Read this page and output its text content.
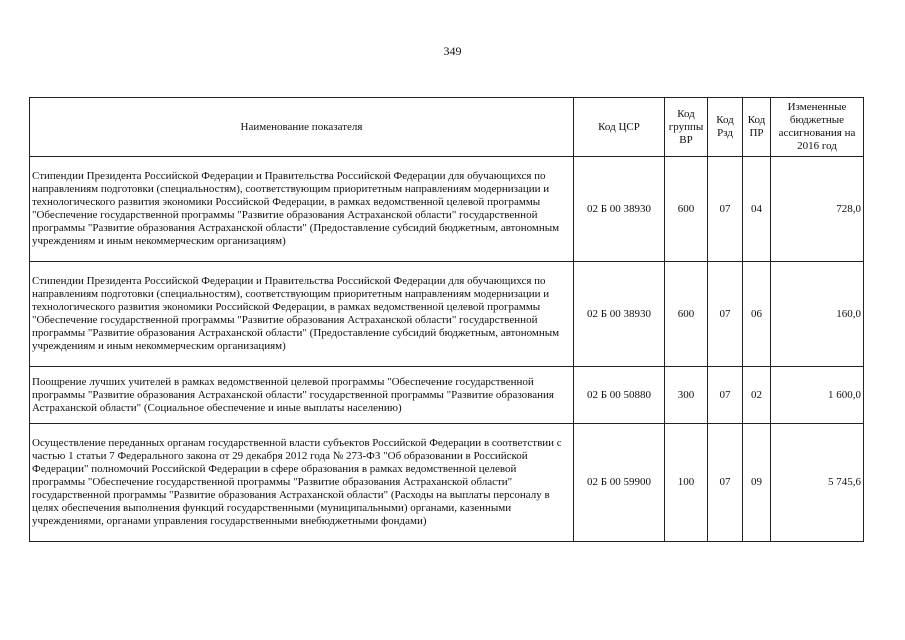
349
Наименование показателя	Код ЦСР	Код группы ВР	Код Рзд	Код ПР	Измененные бюджетные ассигнования на 2016 год
Стипендии Президента Российской Федерации и Правительства Российской Федерации для обучающихся по направлениям подготовки (специальностям), соответствующим приоритетным направлениям модернизации и технологического развития экономики Российской Федерации, в рамках ведомственной целевой программы "Обеспечение государственной программы "Развитие образования Астраханской области" государственной программы "Развитие образования Астраханской области" (Предоставление субсидий бюджетным, автономным учреждениям и иным некоммерческим организациям)	02 Б 00 38930	600	07	04	728,0
Стипендии Президента Российской Федерации и Правительства Российской Федерации для обучающихся по направлениям подготовки (специальностям), соответствующим приоритетным направлениям модернизации и технологического развития экономики Российской Федерации, в рамках ведомственной целевой программы "Обеспечение государственной программы "Развитие образования Астраханской области" государственной программы "Развитие образования Астраханской области" (Предоставление субсидий бюджетным, автономным учреждениям и иным некоммерческим организациям)	02 Б 00 38930	600	07	06	160,0
Поощрение лучших учителей в рамках ведомственной целевой программы "Обеспечение государственной программы "Развитие образования Астраханской области" государственной программы "Развитие образования Астраханской области" (Социальное обеспечение и иные выплаты населению)	02 Б 00 50880	300	07	02	1 600,0
Осуществление переданных органам государственной власти субъектов Российской Федерации в соответствии с частью 1 статьи 7 Федерального закона от 29 декабря 2012 года № 273-ФЗ "Об образовании в Российской Федерации" полномочий Российской Федерации в сфере образования в рамках ведомственной целевой программы "Обеспечение государственной программы "Развитие образования Астраханской области" государственной программы "Развитие образования Астраханской области" (Расходы на выплаты персоналу в целях обеспечения выполнения функций государственными (муниципальными) органами, казенными учреждениями, органами управления государственными внебюджетными фондами)	02 Б 00 59900	100	07	09	5 745,6
